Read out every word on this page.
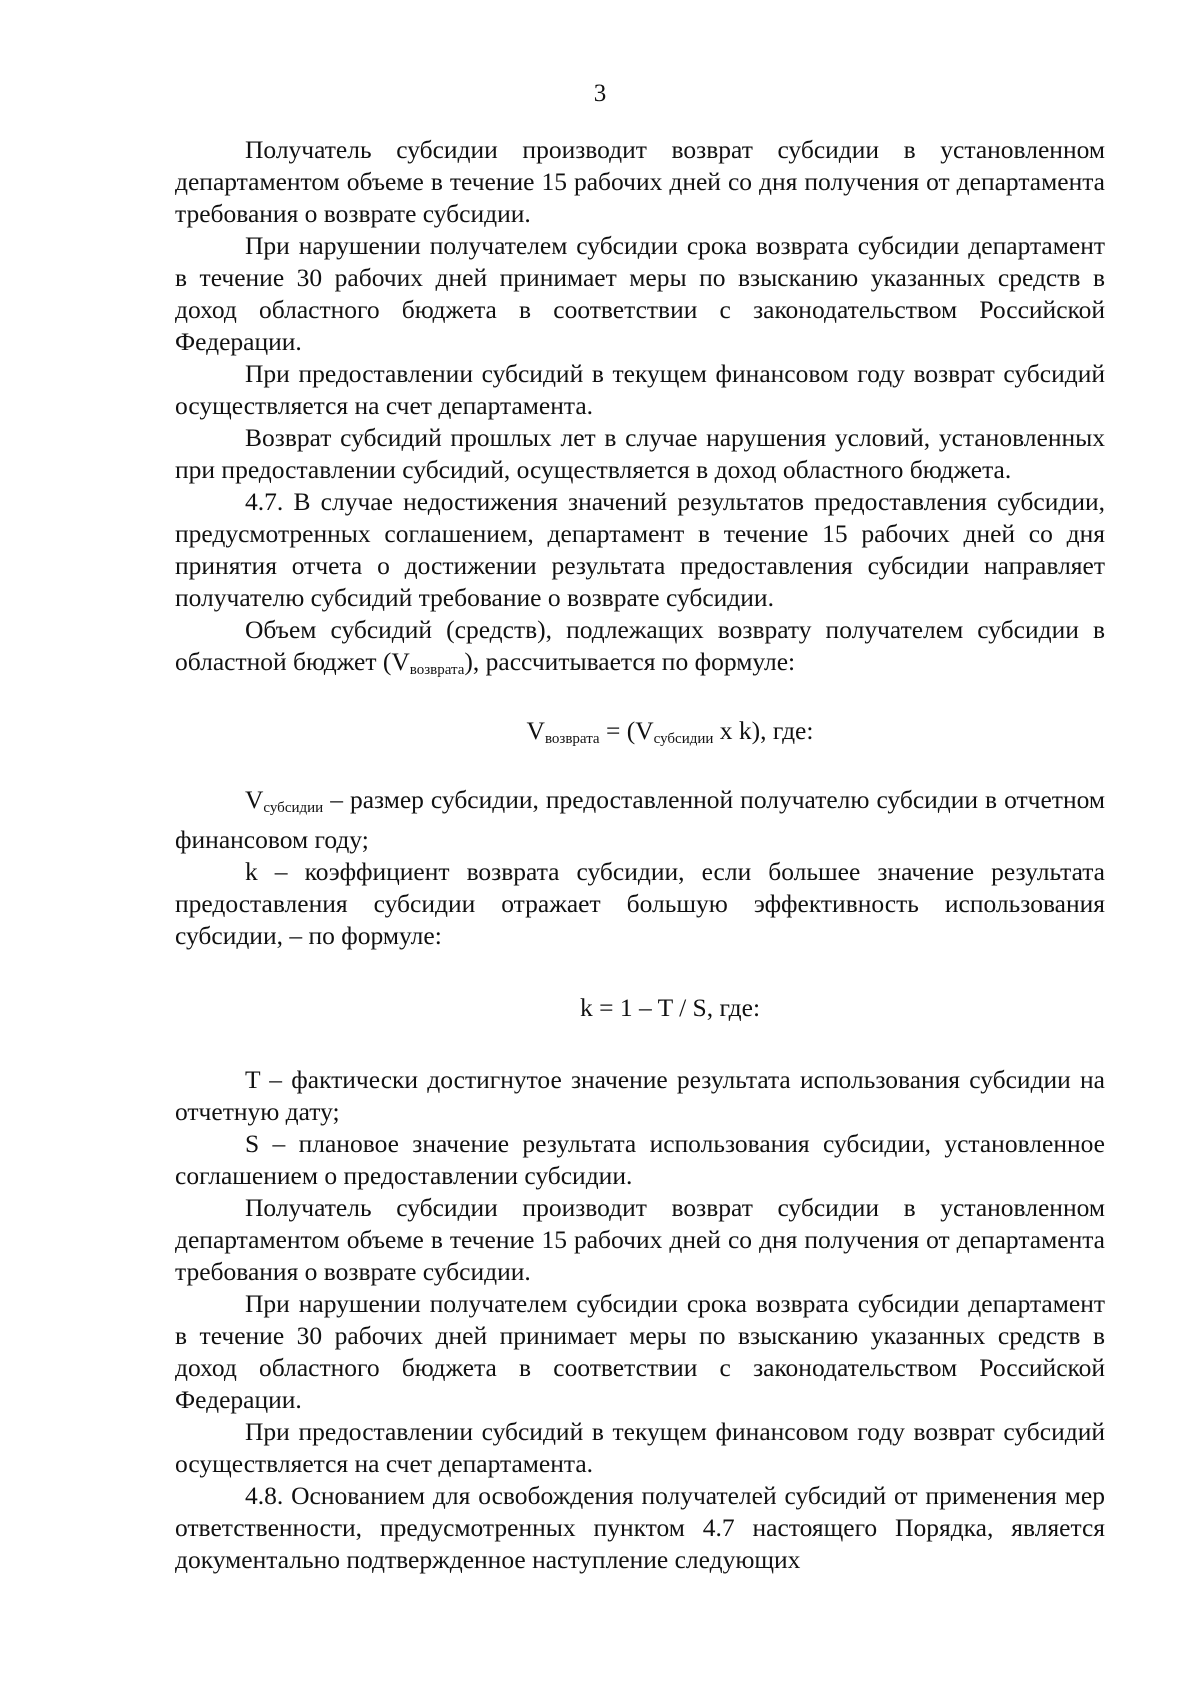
3

Получатель субсидии производит возврат субсидии в установленном департаментом объеме в течение 15 рабочих дней со дня получения от департамента требования о возврате субсидии.

При нарушении получателем субсидии срока возврата субсидии департамент в течение 30 рабочих дней принимает меры по взысканию указанных средств в доход областного бюджета в соответствии с законодательством Российской Федерации.

При предоставлении субсидий в текущем финансовом году возврат субсидий осуществляется на счет департамента.

Возврат субсидий прошлых лет в случае нарушения условий, установленных при предоставлении субсидий, осуществляется в доход областного бюджета.

4.7. В случае недостижения значений результатов предоставления субсидии, предусмотренных соглашением, департамент в течение 15 рабочих дней со дня принятия отчета о достижении результата предоставления субсидии направляет получателю субсидий требование о возврате субсидии.

Объем субсидий (средств), подлежащих возврату получателем субсидии в областной бюджет $(V_{возврата})$, рассчитывается по формуле:

$V_{возврата} = (V_{субсидии}$ x k), где:

$V_{субсидии}$ – размер субсидии, предоставленной получателю субсидии в отчетном финансовом году;

k – коэффициент возврата субсидии, если большее значение результата предоставления субсидии отражает большую эффективность использования субсидии, – по формуле:

k = 1 – T / S, где:

T – фактически достигнутое значение результата использования субсидии на отчетную дату;

S – плановое значение результата использования субсидии, установленное соглашением о предоставлении субсидии.

Получатель субсидии производит возврат субсидии в установленном департаментом объеме в течение 15 рабочих дней со дня получения от департамента требования о возврате субсидии.

При нарушении получателем субсидии срока возврата субсидии департамент в течение 30 рабочих дней принимает меры по взысканию указанных средств в доход областного бюджета в соответствии с законодательством Российской Федерации.

При предоставлении субсидий в текущем финансовом году возврат субсидий осуществляется на счет департамента.

4.8. Основанием для освобождения получателей субсидий от применения мер ответственности, предусмотренных пунктом 4.7 настоящего Порядка, является документально подтвержденное наступление следующих
